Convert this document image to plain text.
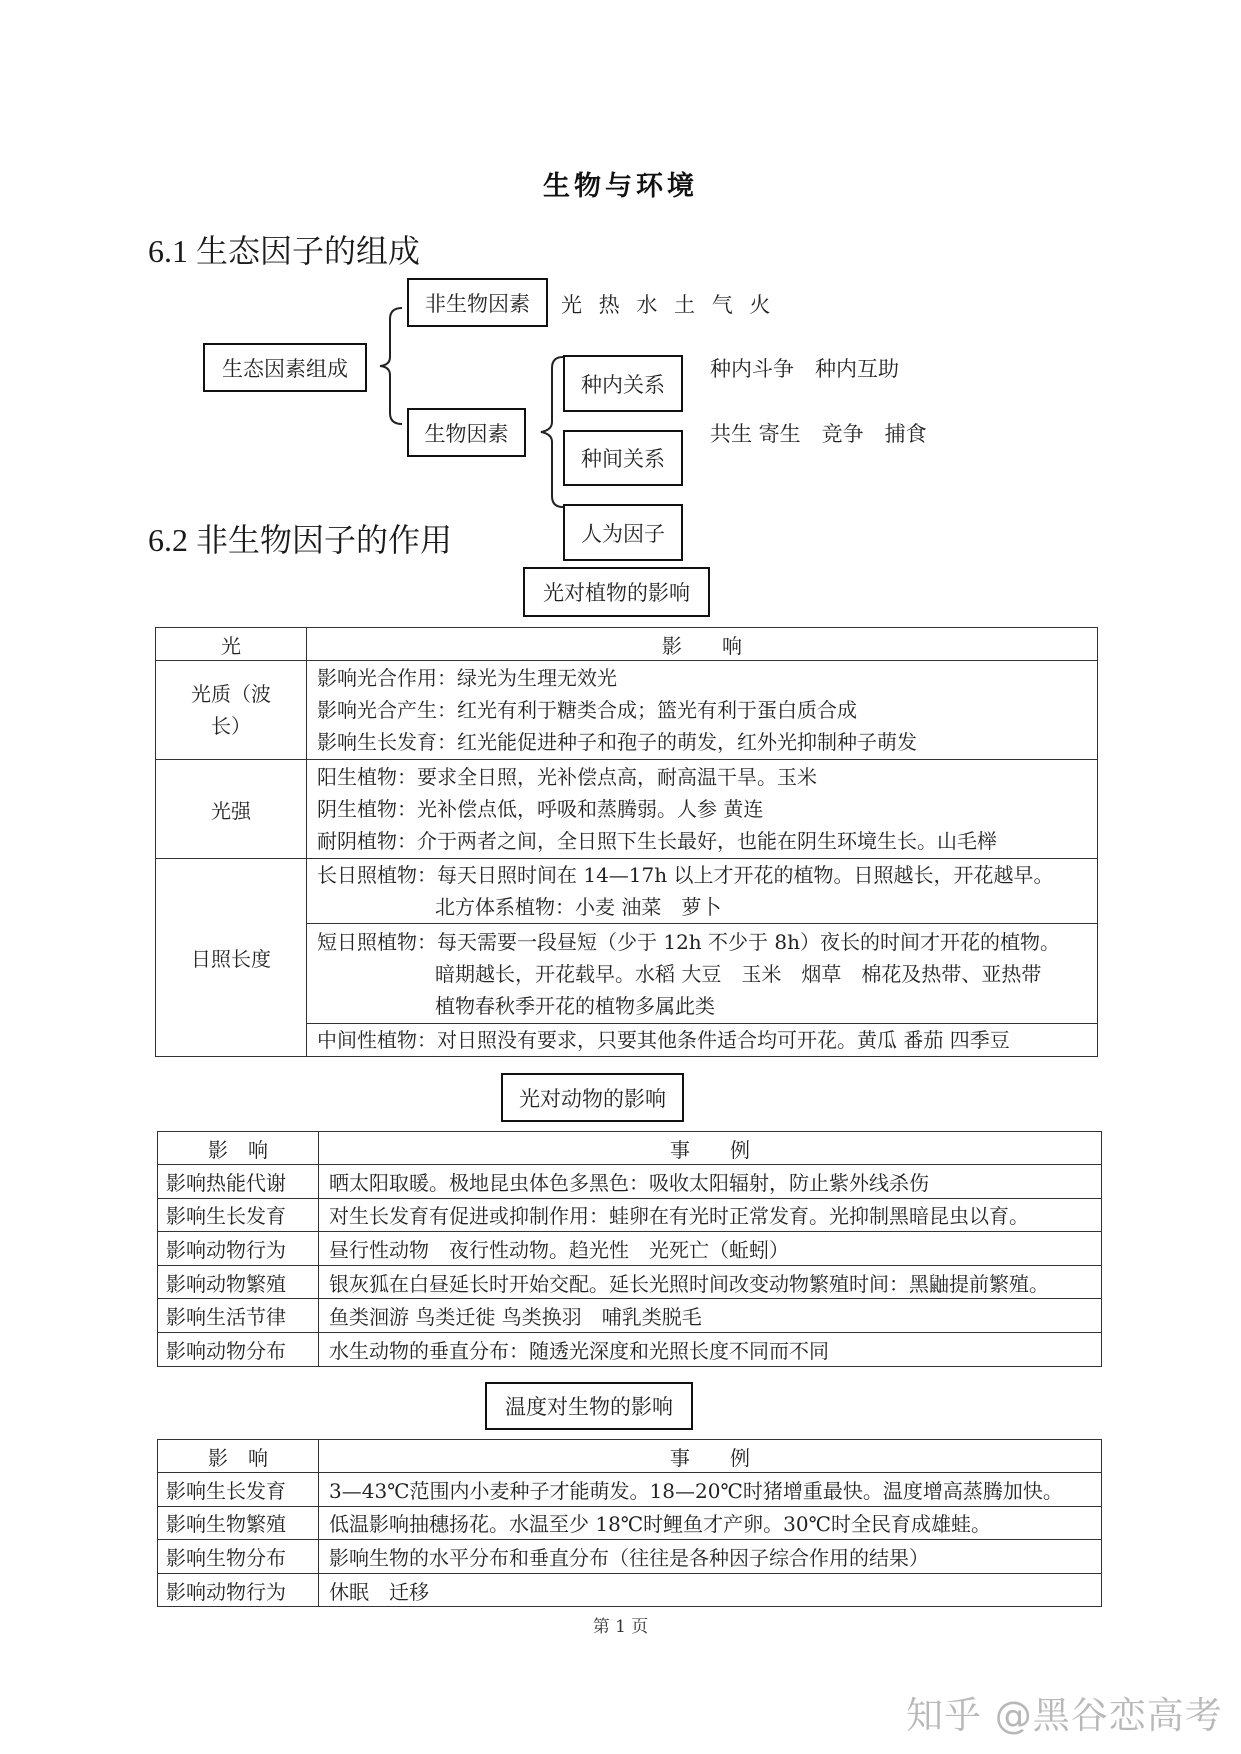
生物与环境
6.1 生态因子的组成
生态因素组成
非生物因素 光 热 水 土 气 火
生物因素
种内关系
种内斗争　种内互助
种间关系
共生 寄生　竞争　捕食
人为因子
6.2 非生物因子的作用
光对植物的影响
光	影　　响
光质（波长）	影响光合作用：绿光为生理无效光
影响光合产生：红光有利于糖类合成；篮光有利于蛋白质合成
影响生长发育：红光能促进种子和孢子的萌发，红外光抑制种子萌发

光强	阳生植物：要求全日照，光补偿点高，耐高温干旱。玉米
阴生植物：光补偿点低，呼吸和蒸腾弱。人参 黄连
耐阴植物：介于两者之间，全日照下生长最好，也能在阴生环境生长。山毛榉

日照长度	长日照植物：每天日照时间在 14—17h 以上才开花的植物。日照越长，开花越早。
北方体系植物：小麦 油菜　萝卜

	短日照植物：每天需要一段昼短（少于 12h 不少于 8h）夜长的时间才开花的植物。
暗期越长，开花载早。水稻 大豆　玉米　烟草　棉花及热带、亚热带
植物春秋季开花的植物多属此类

	中间性植物：对日照没有要求，只要其他条件适合均可开花。黄瓜 番茄 四季豆
光对动物的影响
影　响	事　　例
影响热能代谢	晒太阳取暖。极地昆虫体色多黑色：吸收太阳辐射，防止紫外线杀伤
影响生长发育	对生长发育有促进或抑制作用：蛙卵在有光时正常发育。光抑制黑暗昆虫以育。
影响动物行为	昼行性动物　夜行性动物。趋光性　光死亡（蚯蚓）
影响动物繁殖	银灰狐在白昼延长时开始交配。延长光照时间改变动物繁殖时间：黑鼬提前繁殖。
影响生活节律	鱼类洄游 鸟类迁徙 鸟类换羽　哺乳类脱毛
影响动物分布	水生动物的垂直分布：随透光深度和光照长度不同而不同
温度对生物的影响
影　响	事　　例
影响生长发育	3—43℃范围内小麦种子才能萌发。18—20℃时猪增重最快。温度增高蒸腾加快。
影响生物繁殖	低温影响抽穗扬花。水温至少 18℃时鲤鱼才产卵。30℃时全民育成雄蛙。
影响生物分布	影响生物的水平分布和垂直分布（往往是各种因子综合作用的结果）
影响动物行为	休眠　迁移
第 1 页
知乎 @黑谷恋高考
